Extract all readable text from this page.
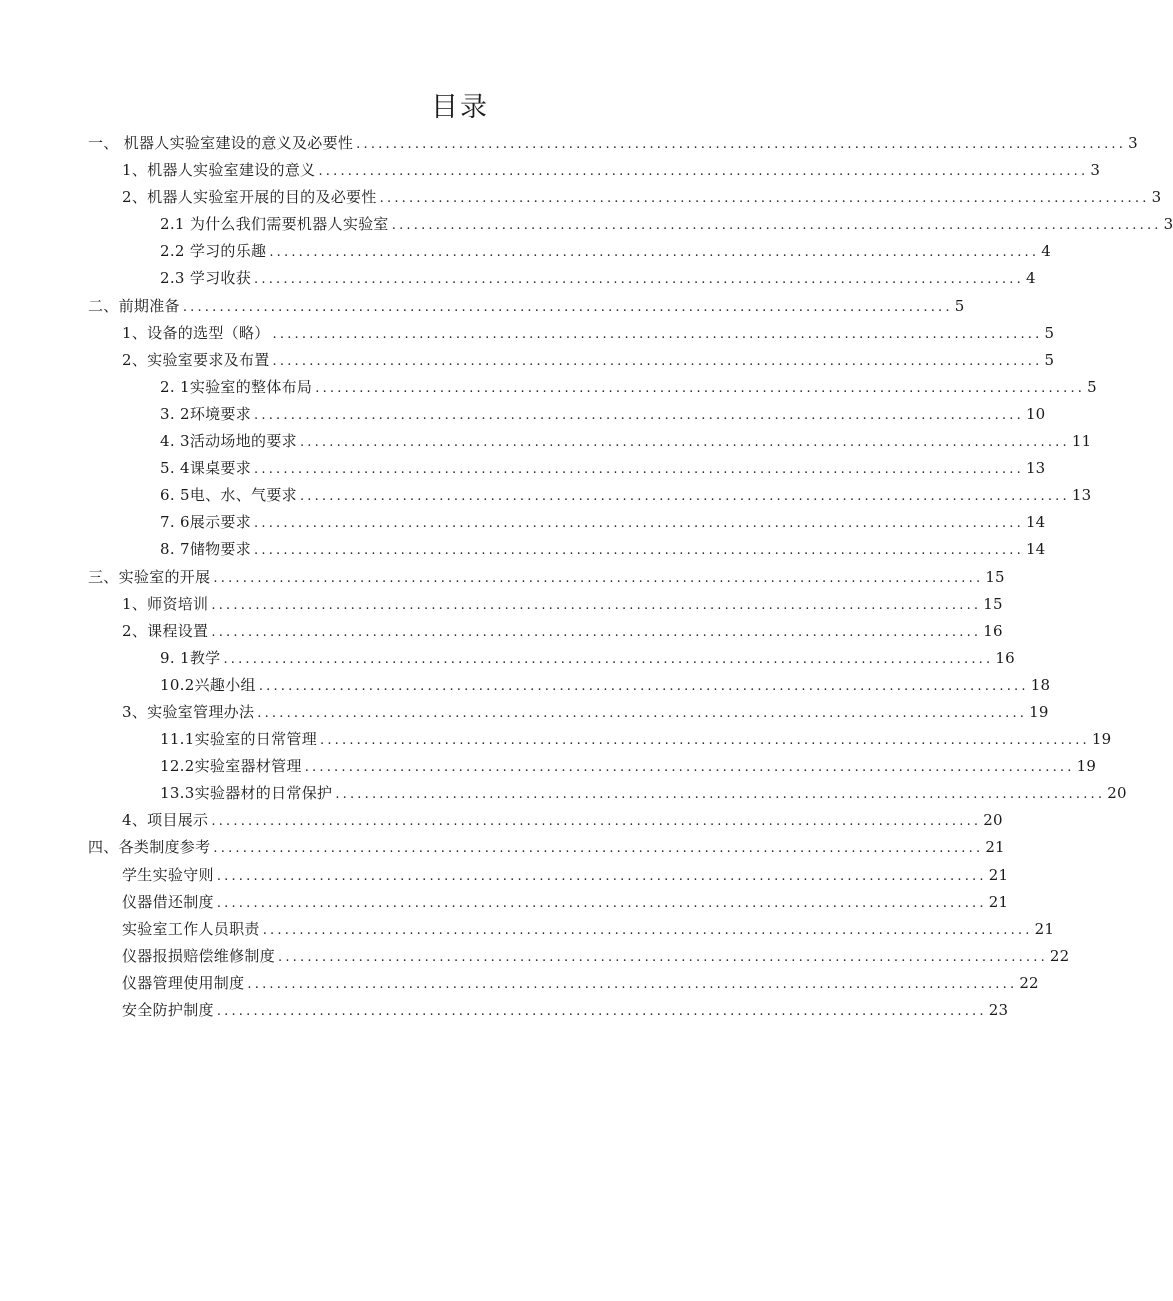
目录
一、 机器人实验室建设的意义及必要性 ......................................................................................................... 3
1、机器人实验室建设的意义 ......................................................................................................... 3
2、机器人实验室开展的目的及必要性 ......................................................................................................... 3
2.1 为什么我们需要机器人实验室 ......................................................................................................... 3
2.2 学习的乐趣 ......................................................................................................... 4
2.3 学习收获 ......................................................................................................... 4
二、前期准备 ......................................................................................................... 5
1、设备的选型（略） ......................................................................................................... 5
2、实验室要求及布置 ......................................................................................................... 5
2. 1实验室的整体布局 ......................................................................................................... 5
3. 2环境要求 ......................................................................................................... 10
4. 3活动场地的要求 ......................................................................................................... 11
5. 4课桌要求 ......................................................................................................... 13
6. 5电、水、气要求 ......................................................................................................... 13
7. 6展示要求 ......................................................................................................... 14
8. 7储物要求 ......................................................................................................... 14
三、实验室的开展 ......................................................................................................... 15
1、师资培训 ......................................................................................................... 15
2、课程设置 ......................................................................................................... 16
9. 1教学 ......................................................................................................... 16
10.2兴趣小组 ......................................................................................................... 18
3、实验室管理办法 ......................................................................................................... 19
11.1实验室的日常管理 ......................................................................................................... 19
12.2实验室器材管理 ......................................................................................................... 19
13.3实验器材的日常保护 ......................................................................................................... 20
4、项目展示 ......................................................................................................... 20
四、各类制度参考 ......................................................................................................... 21
学生实验守则 ......................................................................................................... 21
仪器借还制度 ......................................................................................................... 21
实验室工作人员职责 ......................................................................................................... 21
仪器报损赔偿维修制度 ......................................................................................................... 22
仪器管理使用制度 ......................................................................................................... 22
安全防护制度 ......................................................................................................... 23
